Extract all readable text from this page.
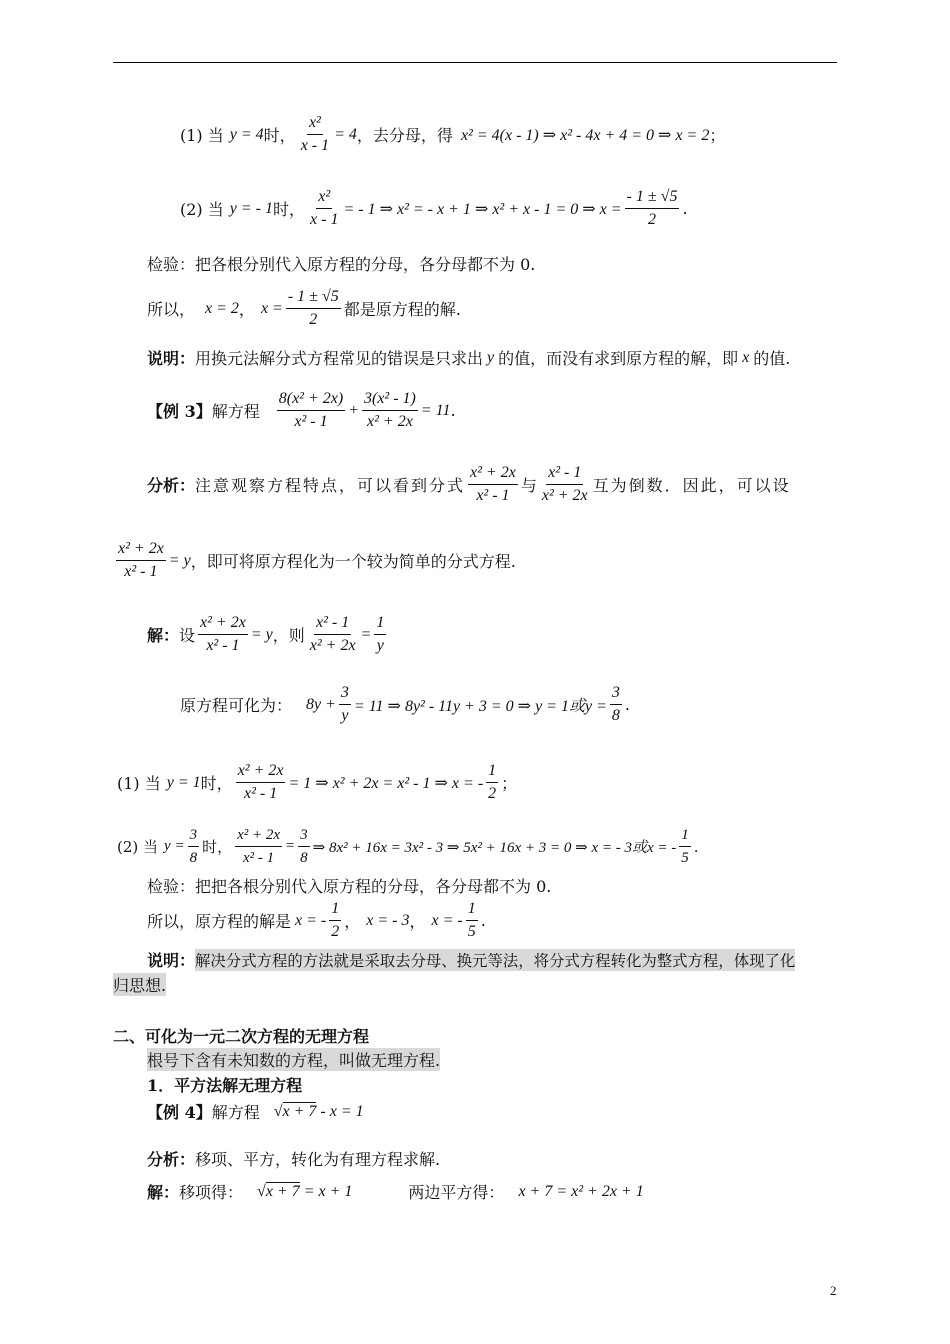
(1) 当 y = 4 时， $\frac{\text{x²}}{x - 1} = 4$ ，去分母，得 x² = 4(x - 1) ⇒ x² - 4x + 4 = 0 ⇒ x = 2 ；
(2) 当 y = - 1 时， $\frac{\text{x²}}{x - 1}$ = - 1 ⇒ x² = - x + 1 ⇒ x² + x - 1 = 0 ⇒ $x = \frac{- 1 \pm √5}{2}$ .
检验：把各根分别代入原方程的分母，各分母都不为 0.
所以， x = 2 ， $x = \frac{- 1 \pm √5}{2}$ 都是原方程的解.
说明： 用换元法解分式方程常见的错误是只求出 y 的值，而没有求到原方程的解，即 x 的值.
【例 3】 解方程 $\frac{\text{8(x² + 2x)}}{\text{x² - 1}} + \frac{\text{3(x² - 1)}}{\text{x² + 2x}} = 11$ .
分析： 注意观察方程特点，可以看到分式 $\frac{\text{x² + 2x}}{\text{x² - 1}}$ 与 $\frac{\text{x² - 1}}{\text{x² + 2x}}$ 互为倒数．因此，可以设
$\frac{\text{x² + 2x}}{\text{x² - 1}} = y$ ，即可将原方程化为一个较为简单的分式方程.
解： 设 $\frac{\text{x² + 2x}}{\text{x² - 1}} = y$ ，则 $\frac{\text{x² - 1}}{\text{x² + 2x}} = \frac{1}{y}$
原方程可化为： $8y + \frac{3}{y} = 11$ ⇒ 8y² - 11y + 3 = 0 ⇒ y = 1或$y = \frac{3}{8}$ .
(1) 当 y = 1 时， $\frac{\text{x² + 2x}}{\text{x² - 1}} = 1$ ⇒ x² + 2x = x² - 1 ⇒ x = - $\frac{1}{2}$ ；
(2) 当 $y = \frac{3}{8}$ 时， $\frac{\text{x² + 2x}}{\text{x² - 1}} = \frac{3}{8}$ ⇒ 8x² + 16x = 3x² - 3 ⇒ 5x² + 16x + 3 = 0 ⇒ x = - 3或x = - $\frac{1}{5}$ .
检验：把把各根分别代入原方程的分母，各分母都不为 0.
所以，原方程的解是 x = - $\frac{1}{2}$ ， x = - 3 ， x = - $\frac{1}{5}$ .
说明： 解决分式方程的方法就是采取去分母、换元等法，将分式方程转化为整式方程，体现了化
归思想.
二、可化为一元二次方程的无理方程
根号下含有未知数的方程，叫做无理方程.
1．平方法解无理方程
【例 4】 解方程 √x + 7 - x = 1
分析： 移项、平方，转化为有理方程求解.
解： 移项得： √x + 7 = x + 1	两边平方得： x + 7 = x² + 2x + 1
2
